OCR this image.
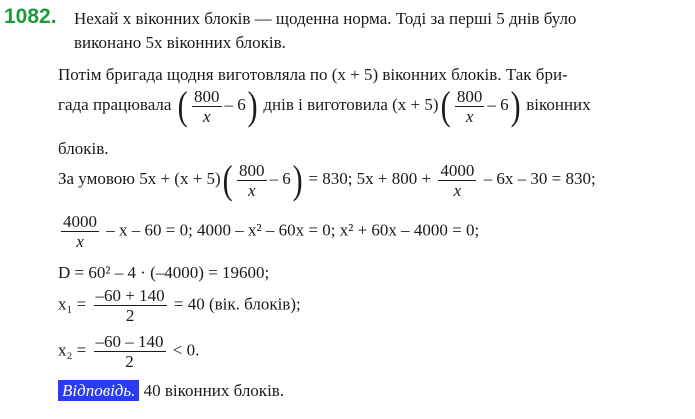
1082. Нехай x віконних блоків — щоденна норма. Тоді за перші 5 днів було
виконано 5x віконних блоків.
Потім бригада щодня виготовляла по (x + 5) віконних блоків. Так бри-
гада працювала ( $\frac{800}{x} - 6$) днів і виготовила $(x + 5)( \frac{800}{x} - 6)$ віконних
блоків.
За умовою $5x + (x + 5)( \frac{800}{x} - 6) = 830$; $5x + 800 + \frac{4000}{x} - 6x - 30 = 830$;
$\frac{4000}{x} - x - 60 = 0$; 4000 – x² – 60x = 0; x² + 60x – 4000 = 0;
D = 60² – 4 · (–4000) = 19600;
$x_1 = \frac{-60 + 140}{2} = 40$ (вік. блоків);
$x_2 = \frac{-60 - 140}{2} < 0$.
Відповідь. 40 віконних блоків.
